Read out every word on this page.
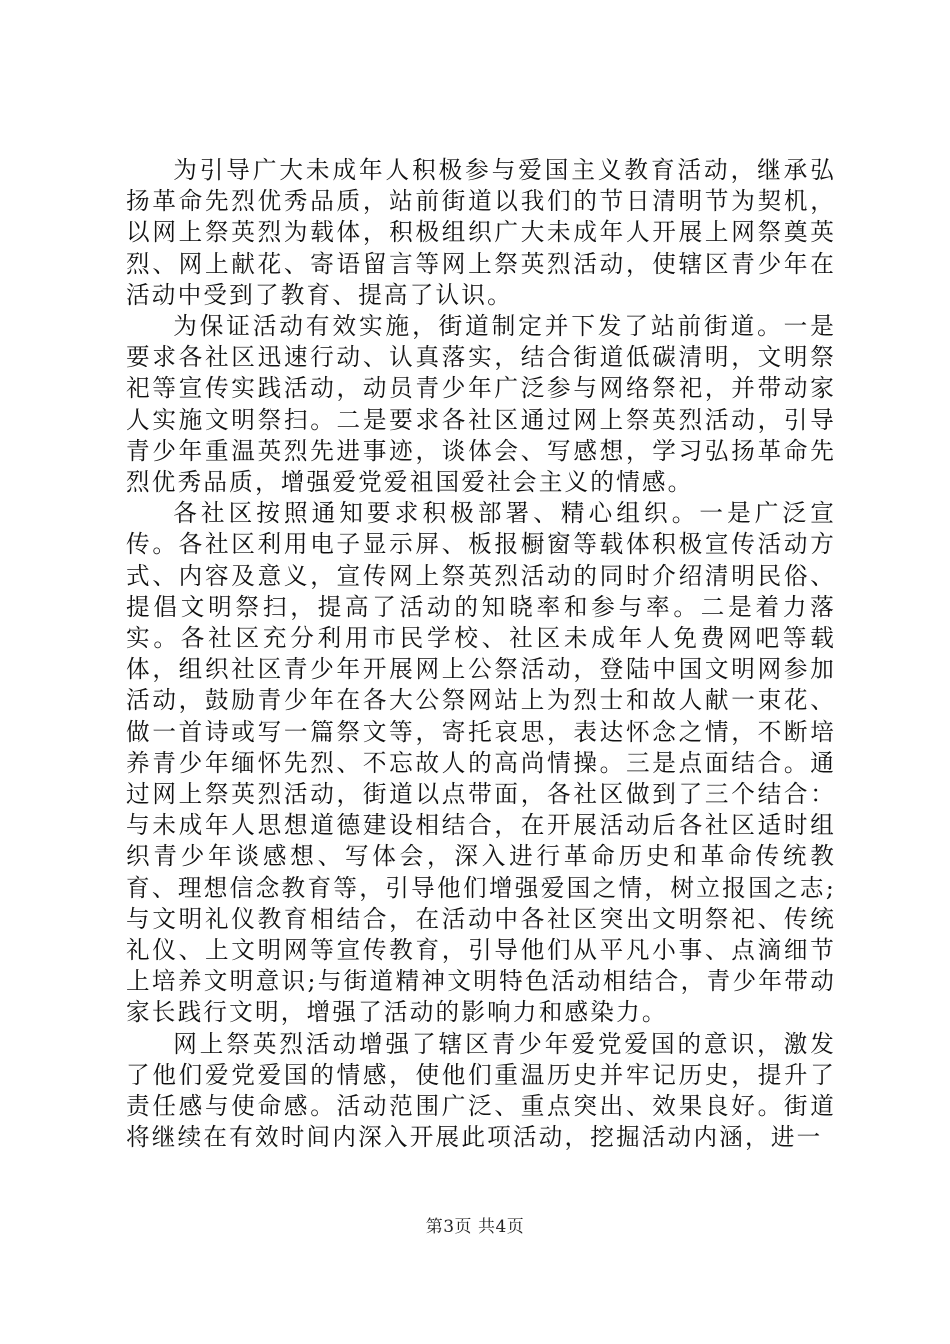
为引导广大未成年人积极参与爱国主义教育活动，继承弘扬革命先烈优秀品质，站前街道以我们的节日清明节为契机，以网上祭英烈为载体，积极组织广大未成年人开展上网祭奠英烈、网上献花、寄语留言等网上祭英烈活动，使辖区青少年在活动中受到了教育、提高了认识。

为保证活动有效实施，街道制定并下发了站前街道。一是要求各社区迅速行动、认真落实，结合街道低碳清明，文明祭祀等宣传实践活动，动员青少年广泛参与网络祭祀，并带动家人实施文明祭扫。二是要求各社区通过网上祭英烈活动，引导青少年重温英烈先进事迹，谈体会、写感想，学习弘扬革命先烈优秀品质，增强爱党爱祖国爱社会主义的情感。

各社区按照通知要求积极部署、精心组织。一是广泛宣传。各社区利用电子显示屏、板报橱窗等载体积极宣传活动方式、内容及意义，宣传网上祭英烈活动的同时介绍清明民俗、提倡文明祭扫，提高了活动的知晓率和参与率。二是着力落实。各社区充分利用市民学校、社区未成年人免费网吧等载体，组织社区青少年开展网上公祭活动，登陆中国文明网参加活动，鼓励青少年在各大公祭网站上为烈士和故人献一束花、做一首诗或写一篇祭文等，寄托哀思，表达怀念之情，不断培养青少年缅怀先烈、不忘故人的高尚情操。三是点面结合。通过网上祭英烈活动，街道以点带面，各社区做到了三个结合：与未成年人思想道德建设相结合，在开展活动后各社区适时组织青少年谈感想、写体会，深入进行革命历史和革命传统教育、理想信念教育等，引导他们增强爱国之情，树立报国之志;与文明礼仪教育相结合，在活动中各社区突出文明祭祀、传统礼仪、上文明网等宣传教育，引导他们从平凡小事、点滴细节上培养文明意识;与街道精神文明特色活动相结合，青少年带动家长践行文明，增强了活动的影响力和感染力。

网上祭英烈活动增强了辖区青少年爱党爱国的意识，激发了他们爱党爱国的情感，使他们重温历史并牢记历史，提升了责任感与使命感。活动范围广泛、重点突出、效果良好。街道将继续在有效时间内深入开展此项活动，挖掘活动内涵，进一

第3页 共4页
